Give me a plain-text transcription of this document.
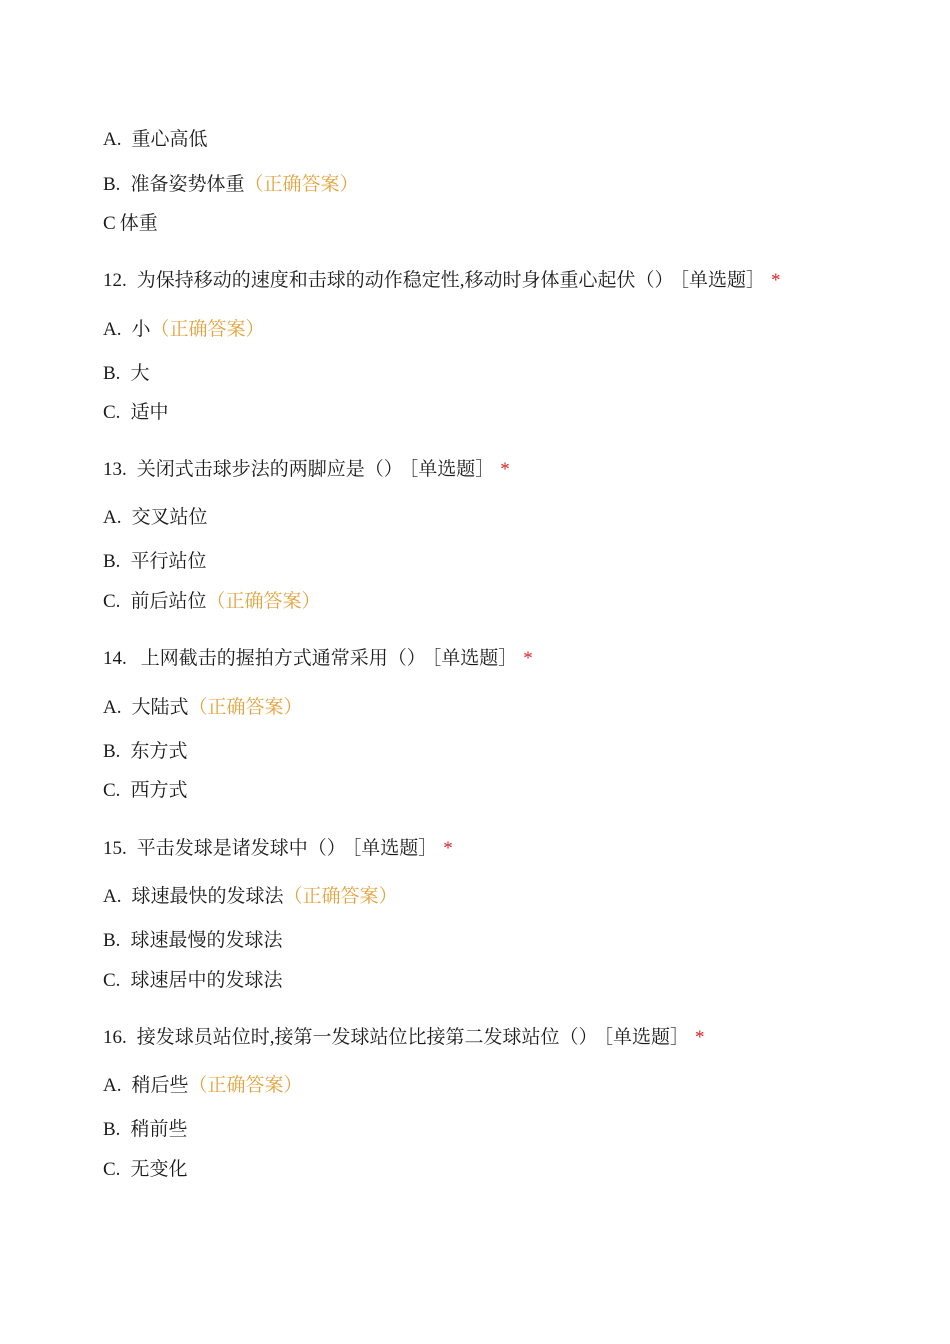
A. 重心高低
B. 准备姿势体重（正确答案）
C 体重
12. 为保持移动的速度和击球的动作稳定性,移动时身体重心起伏（） ［单选题］ *
A. 小（正确答案）
B. 大
C. 适中
13. 关闭式击球步法的两脚应是（） ［单选题］ *
A. 交叉站位
B. 平行站位
C. 前后站位（正确答案）
14. 上网截击的握拍方式通常采用（） ［单选题］ *
A. 大陆式（正确答案）
B. 东方式
C. 西方式
15. 平击发球是诸发球中（） ［单选题］ *
A. 球速最快的发球法（正确答案）
B. 球速最慢的发球法
C. 球速居中的发球法
16. 接发球员站位时,接第一发球站位比接第二发球站位（） ［单选题］ *
A. 稍后些（正确答案）
B. 稍前些
C. 无变化
